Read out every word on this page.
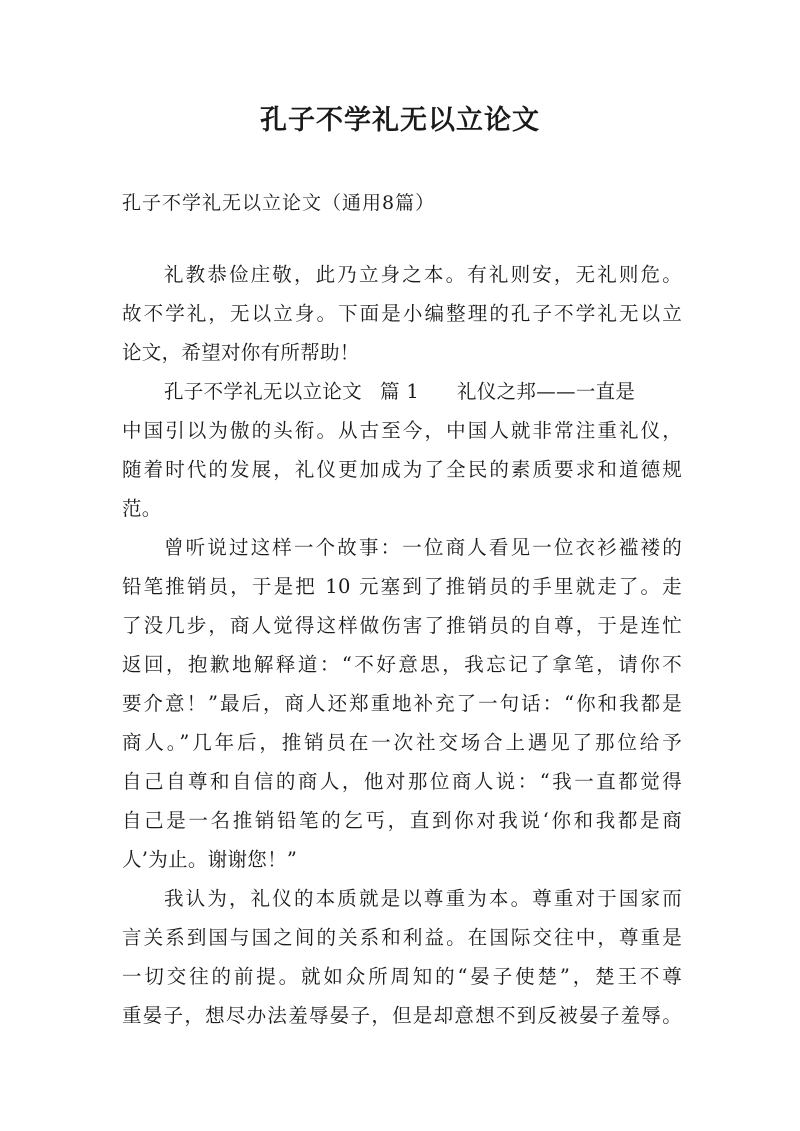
孔子不学礼无以立论文

孔子不学礼无以立论文（通用8篇）

礼教恭俭庄敬，此乃立身之本。有礼则安，无礼则危。
故不学礼，无以立身。下面是小编整理的孔子不学礼无以立
论文，希望对你有所帮助！
孔子不学礼无以立论文 篇 1 礼仪之邦——一直是
中国引以为傲的头衔。从古至今，中国人就非常注重礼仪，
随着时代的发展，礼仪更加成为了全民的素质要求和道德规
范。
曾听说过这样一个故事：一位商人看见一位衣衫褴褛的
铅笔推销员，于是把 10 元塞到了推销员的手里就走了。走
了没几步，商人觉得这样做伤害了推销员的自尊，于是连忙
返回，抱歉地解释道：“不好意思，我忘记了拿笔，请你不
要介意！”最后，商人还郑重地补充了一句话：“你和我都是
商人。”几年后，推销员在一次社交场合上遇见了那位给予
自己自尊和自信的商人，他对那位商人说：“我一直都觉得
自己是一名推销铅笔的乞丐，直到你对我说‘你和我都是商
人’为止。谢谢您！”
我认为，礼仪的本质就是以尊重为本。尊重对于国家而
言关系到国与国之间的关系和利益。在国际交往中，尊重是
一切交往的前提。就如众所周知的“晏子使楚”，楚王不尊
重晏子，想尽办法羞辱晏子，但是却意想不到反被晏子羞辱。
